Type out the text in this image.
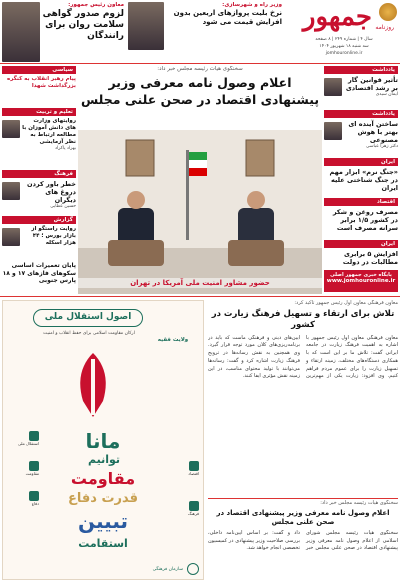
جمهور روزنامه
سال ۴ | شماره ۲۴۹ | ۸ صفحه
سه شنبه ۱۸ شهریور ۱۴۰۴
jomhouronline.ir
وزیر راه و شهرسازی:
نرخ بلیت پروازهای اربعین بدون افزایش قیمت می شود
معاون رئیس جمهور:
لزوم صدور گواهی سلامت روان برای رانندگان
سخنگوی هیأت رئیسه مجلس خبر داد:
اعلام وصول نامه معرفی وزیر پیشنهادی اقتصاد در صحن علنی مجلس
حضور مشاور امنیت ملی آمریکا در تهران
یادداشت
تأثیر قوانین گار بر رشد اقتصادی
ایمان سیدی
یادداشت
ساختن آینده ای بهتر با هوش مصنوعی
دکتر زهرا عباسی
ایران
«جنگ نرم» ابزار مهم در جنگ شناختی علیه ایران
اقتصاد
مصرف روغن و شکر در کشور ۱/۵ برابر سرانه مصرف است
ایران
افزایش ۵ برابری مطالبات در دولت
پایگاه خبری جمهور اصلی
www.jomhouronline.ir
سیاسی
پیام رهبر انقلاب به کنگره بزرگداشت شهدا
تعلیم و تربیت
روایتهای وزارت های دانش آموزان با مطالعه ارتباط به نظر آزمایشی
بهزاد پاکزاد
فرهنگ
خطر باور کردن دروغ های دیگران
حسین عطایی
گزارش
روایت راستگو از بازار بورس ؛ ۴۴ هزار اسکله
پایان تعمیرات اساسی سکوهای فازهای ۱۷ و ۱۸ پارس جنوبی
معاون فرهنگی معاون اول رئیس جمهور تأکید کرد:
تلاش برای ارتقاء و تسهیل فرهنگ زیارت در کشور
معاون فرهنگی معاون اول رئیس جمهور با اشاره به اهمیت فرهنگ زیارت در جامعه ایرانی گفت: تلاش ما بر این است که با همکاری دستگاه‌های مختلف، زمینه ارتقاء و تسهیل زیارت را برای عموم مردم فراهم کنیم. وی افزود: زیارت یکی از مهم‌ترین آیین‌های دینی و فرهنگی ماست که باید در برنامه‌ریزی‌های کلان مورد توجه قرار گیرد. وی همچنین به نقش رسانه‌ها در ترویج فرهنگ زیارت اشاره کرد و گفت: رسانه‌ها می‌توانند با تولید محتوای مناسب، در این زمینه نقش مؤثری ایفا کنند.
سخنگوی هیأت رئیسه مجلس خبر داد:
اعلام وصول نامه معرفی وزیر پیشنهادی اقتصاد در صحن علنی مجلس
سخنگوی هیأت رئیسه مجلس شورای اسلامی از اعلام وصول نامه معرفی وزیر پیشنهادی اقتصاد در صحن علنی مجلس خبر داد و گفت: بر اساس آیین‌نامه داخلی، بررسی صلاحیت وزیر پیشنهادی در کمیسیون تخصصی انجام خواهد شد.
اصول استقلال ملی
ارکان مقاومت اسلامی برای حفظ انقلاب و امنیت
ولایت فقیه
مانا
توانیم
مقاومت
قدرت دفاع
تبیین
استقامت
استقلال ملی
مقاومت
دفاع
اقتصاد
فرهنگ
سازمان فرهنگی
